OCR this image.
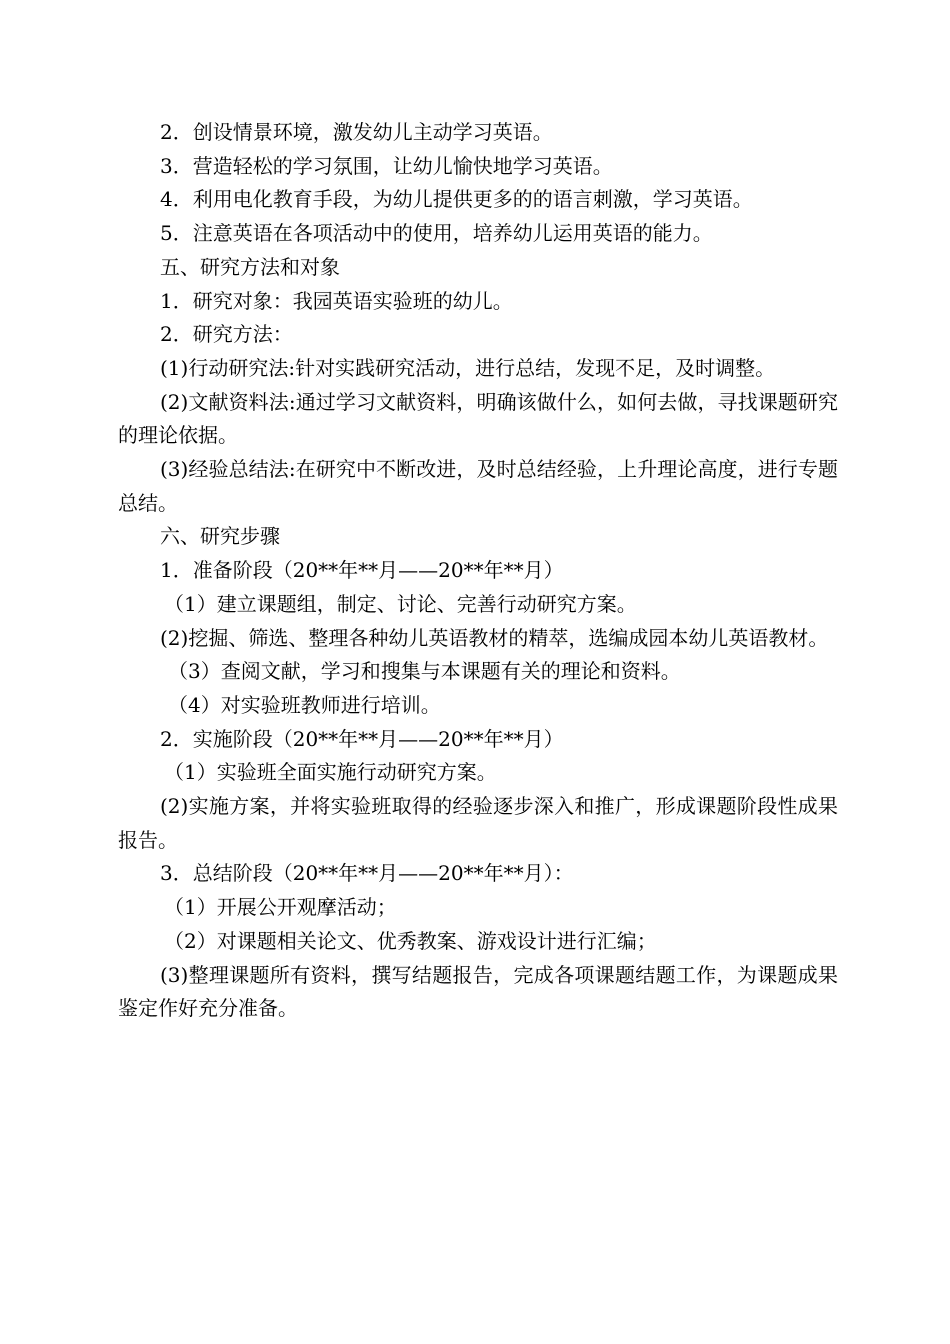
2．创设情景环境，激发幼儿主动学习英语。

3．营造轻松的学习氛围，让幼儿愉快地学习英语。

4．利用电化教育手段，为幼儿提供更多的的语言刺激，学习英语。

5．注意英语在各项活动中的使用，培养幼儿运用英语的能力。

五、研究方法和对象

1．研究对象：我园英语实验班的幼儿。

2．研究方法：

(1)行动研究法:针对实践研究活动，进行总结，发现不足，及时调整。

(2)文献资料法:通过学习文献资料，明确该做什么，如何去做，寻找课题研究的理论依据。

(3)经验总结法:在研究中不断改进，及时总结经验，上升理论高度，进行专题总结。

六、研究步骤

1．准备阶段（20**年**月——20**年**月）

（1）建立课题组，制定、讨论、完善行动研究方案。

(2)挖掘、筛选、整理各种幼儿英语教材的精萃，选编成园本幼儿英语教材。

（3）查阅文献，学习和搜集与本课题有关的理论和资料。

（4）对实验班教师进行培训。

2．实施阶段（20**年**月——20**年**月）

（1）实验班全面实施行动研究方案。

(2)实施方案，并将实验班取得的经验逐步深入和推广，形成课题阶段性成果报告。

3．总结阶段（20**年**月——20**年**月）：

（1）开展公开观摩活动；

（2）对课题相关论文、优秀教案、游戏设计进行汇编；

(3)整理课题所有资料，撰写结题报告，完成各项课题结题工作，为课题成果鉴定作好充分准备。
